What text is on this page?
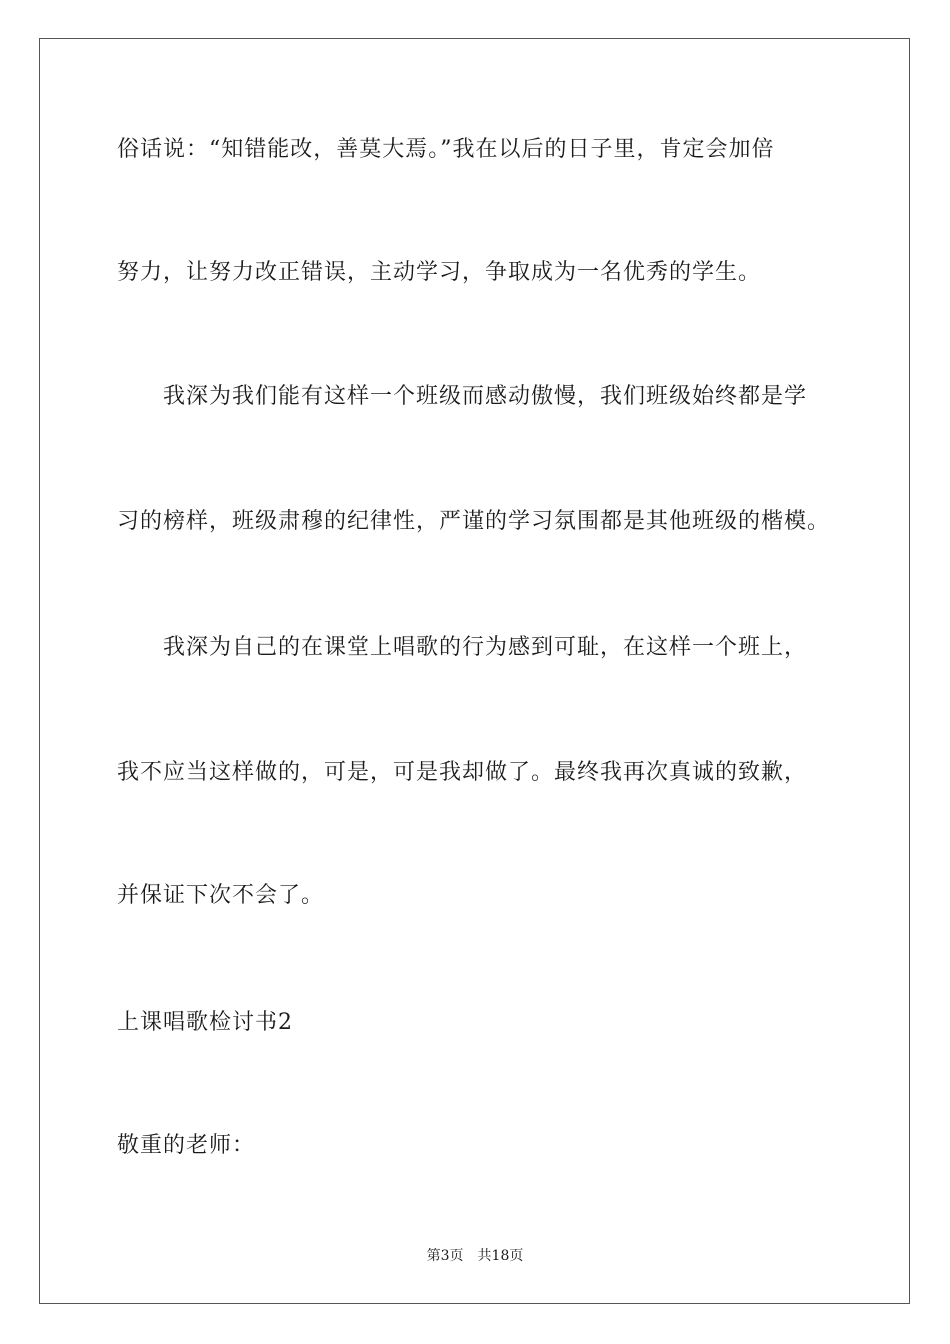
俗话说：“知错能改，善莫大焉。”我在以后的日子里，肯定会加倍
努力，让努力改正错误，主动学习，争取成为一名优秀的学生。
我深为我们能有这样一个班级而感动傲慢，我们班级始终都是学
习的榜样，班级肃穆的纪律性，严谨的学习氛围都是其他班级的楷模。
我深为自己的在课堂上唱歌的行为感到可耻，在这样一个班上，
我不应当这样做的，可是，可是我却做了。最终我再次真诚的致歉，
并保证下次不会了。
上课唱歌检讨书2
敬重的老师：
第3页 共18页
